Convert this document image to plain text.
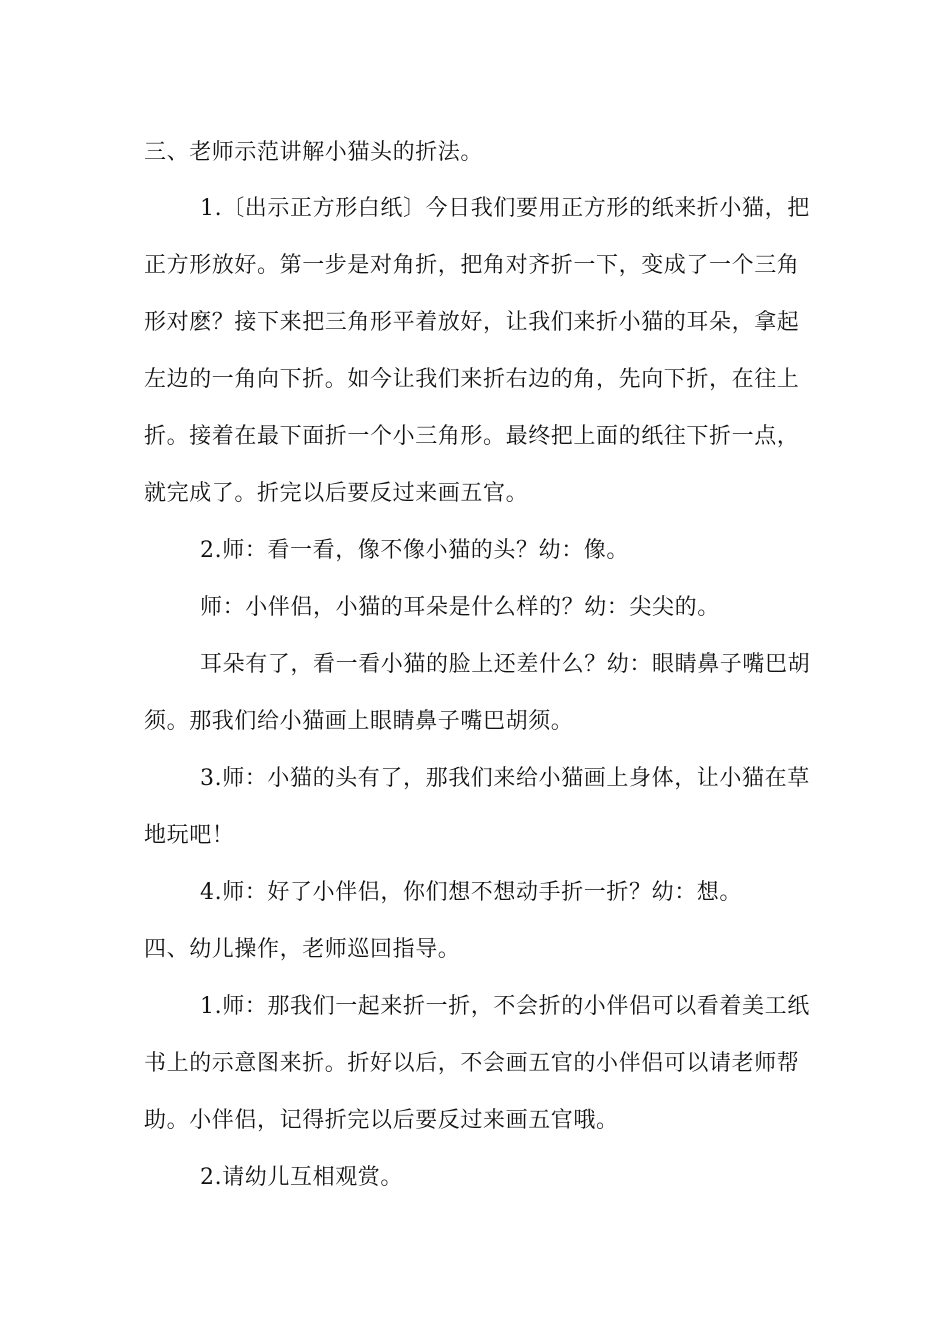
三、老师示范讲解小猫头的折法。
1.〔出示正方形白纸〕今日我们要用正方形的纸来折小猫，把
正方形放好。第一步是对角折，把角对齐折一下，变成了一个三角
形对麽？接下来把三角形平着放好，让我们来折小猫的耳朵，拿起
左边的一角向下折。如今让我们来折右边的角，先向下折，在往上
折。接着在最下面折一个小三角形。最终把上面的纸往下折一点，
就完成了。折完以后要反过来画五官。
2.师：看一看，像不像小猫的头？幼：像。
师：小伴侣，小猫的耳朵是什么样的？幼：尖尖的。
耳朵有了，看一看小猫的脸上还差什么？幼：眼睛鼻子嘴巴胡
须。那我们给小猫画上眼睛鼻子嘴巴胡须。
3.师：小猫的头有了，那我们来给小猫画上身体，让小猫在草
地玩吧！
4.师：好了小伴侣，你们想不想动手折一折？幼：想。
四、幼儿操作，老师巡回指导。
1.师：那我们一起来折一折，不会折的小伴侣可以看着美工纸
书上的示意图来折。折好以后，不会画五官的小伴侣可以请老师帮
助。小伴侣，记得折完以后要反过来画五官哦。
2.请幼儿互相观赏。
